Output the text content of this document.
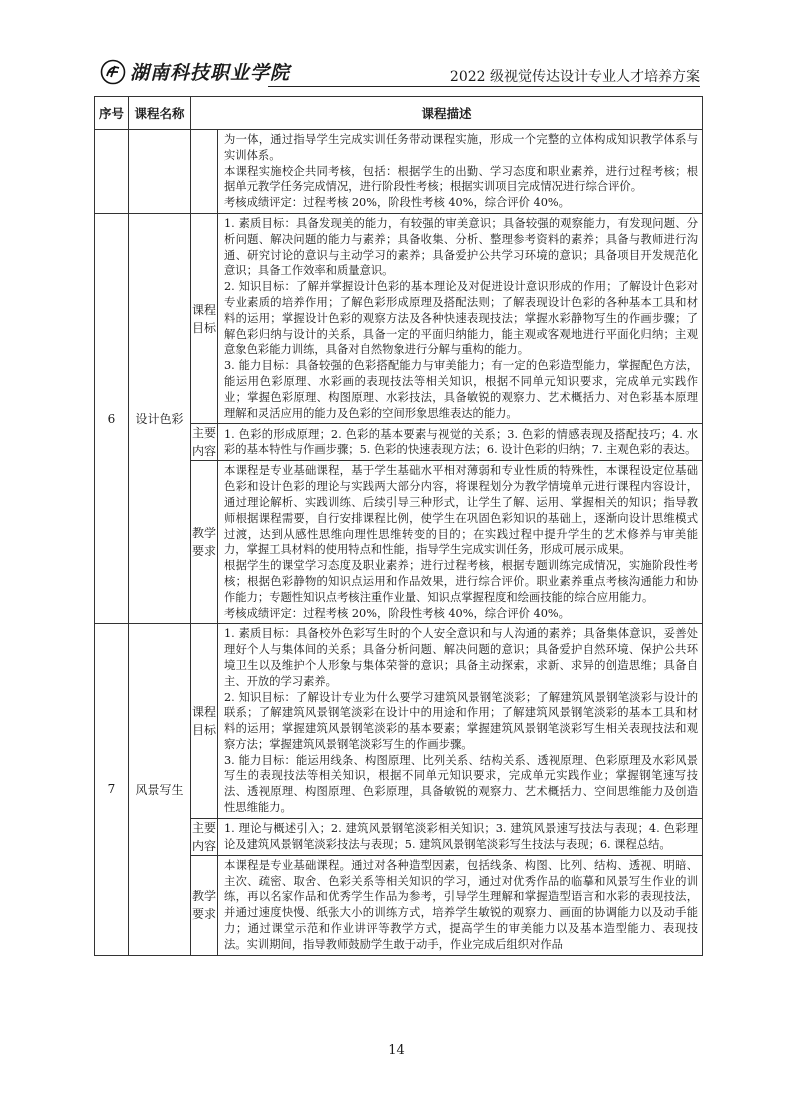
湖南科技职业学院	2022 级视觉传达设计专业人才培养方案
序号	课程名称	课程描述	

			为一体，通过指导学生完成实训任务带动课程实施，形成一个完整的立体构成知识教学体系与实训体系。

本课程实施校企共同考核，包括：根据学生的出勤、学习态度和职业素养，进行过程考核；根据单元教学任务完成情况，进行阶段性考核；根据实训项目完成情况进行综合评价。

考核成绩评定：过程考核 20%，阶段性考核 40%，综合评价 40%。

6	设计色彩	课程目标	1. 素质目标：具备发现美的能力，有较强的审美意识；具备较强的观察能力，有发现问题、分析问题、解决问题的能力与素养；具备收集、分析、整理参考资料的素养；具备与教师进行沟通、研究讨论的意识与主动学习的素养；具备爱护公共学习环境的意识；具备项目开发规范化意识；具备工作效率和质量意识。

2. 知识目标：了解并掌握设计色彩的基本理论及对促进设计意识形成的作用；了解设计色彩对专业素质的培养作用；了解色彩形成原理及搭配法则；了解表现设计色彩的各种基本工具和材料的运用；掌握设计色彩的观察方法及各种快速表现技法；掌握水彩静物写生的作画步骤；了解色彩归纳与设计的关系，具备一定的平面归纳能力，能主观或客观地进行平面化归纳；主观意象色彩能力训练，具备对自然物象进行分解与重构的能力。

3. 能力目标：具备较强的色彩搭配能力与审美能力；有一定的色彩造型能力，掌握配色方法，能运用色彩原理、水彩画的表现技法等相关知识，根据不同单元知识要求，完成单元实践作业；掌握色彩原理、构图原理、水彩技法，具备敏锐的观察力、艺术概括力、对色彩基本原理理解和灵活应用的能力及色彩的空间形象思维表达的能力。

		主要内容	1. 色彩的形成原理；2. 色彩的基本要素与视觉的关系；3. 色彩的情感表现及搭配技巧；4. 水彩的基本特性与作画步骤；5. 色彩的快速表现方法；6. 设计色彩的归纳；7. 主观色彩的表达。

		教学要求	本课程是专业基础课程，基于学生基础水平相对薄弱和专业性质的特殊性，本课程设定位基础色彩和设计色彩的理论与实践两大部分内容，将课程划分为教学情境单元进行课程内容设计，通过理论解析、实践训练、后续引导三种形式，让学生了解、运用、掌握相关的知识；指导教师根据课程需要，自行安排课程比例，使学生在巩固色彩知识的基础上，逐渐向设计思维模式过渡，达到从感性思维向理性思维转变的目的；在实践过程中提升学生的艺术修养与审美能力，掌握工具材料的使用特点和性能，指导学生完成实训任务，形成可展示成果。

根据学生的课堂学习态度及职业素养；进行过程考核，根据专题训练完成情况，实施阶段性考核；根据色彩静物的知识点运用和作品效果，进行综合评价。职业素养重点考核沟通能力和协作能力；专题性知识点考核注重作业量、知识点掌握程度和绘画技能的综合应用能力。

考核成绩评定：过程考核 20%，阶段性考核 40%，综合评价 40%。

7	风景写生	课程目标	1. 素质目标：具备校外色彩写生时的个人安全意识和与人沟通的素养；具备集体意识，妥善处理好个人与集体间的关系；具备分析问题、解决问题的意识；具备爱护自然环境、保护公共环境卫生以及维护个人形象与集体荣誉的意识；具备主动探索，求新、求异的创造思维；具备自主、开放的学习素养。

2. 知识目标：了解设计专业为什么要学习建筑风景钢笔淡彩；了解建筑风景钢笔淡彩与设计的联系；了解建筑风景钢笔淡彩在设计中的用途和作用；了解建筑风景钢笔淡彩的基本工具和材料的运用；掌握建筑风景钢笔淡彩的基本要素；掌握建筑风景钢笔淡彩写生相关表现技法和观察方法；掌握建筑风景钢笔淡彩写生的作画步骤。

3. 能力目标：能运用线条、构图原理、比列关系、结构关系、透视原理、色彩原理及水彩风景写生的表现技法等相关知识，根据不同单元知识要求，完成单元实践作业；掌握钢笔速写技法、透视原理、构图原理、色彩原理，具备敏锐的观察力、艺术概括力、空间思维能力及创造性思维能力。

		主要内容	1. 理论与概述引入；2. 建筑风景钢笔淡彩相关知识；3. 建筑风景速写技法与表现；4. 色彩理论及建筑风景钢笔淡彩技法与表现；5. 建筑风景钢笔淡彩写生技法与表现；6. 课程总结。

		教学要求	本课程是专业基础课程。通过对各种造型因素，包括线条、构图、比列、结构、透视、明暗、主次、疏密、取舍、色彩关系等相关知识的学习，通过对优秀作品的临摹和风景写生作业的训练，再以名家作品和优秀学生作品为参考，引导学生理解和掌握造型语言和水彩的表现技法，并通过速度快慢、纸张大小的训练方式，培养学生敏锐的观察力、画面的协调能力以及动手能力；通过课堂示范和作业讲评等教学方式，提高学生的审美能力以及基本造型能力、表现技法。实训期间，指导教师鼓励学生敢于动手，作业完成后组织对作品

14
